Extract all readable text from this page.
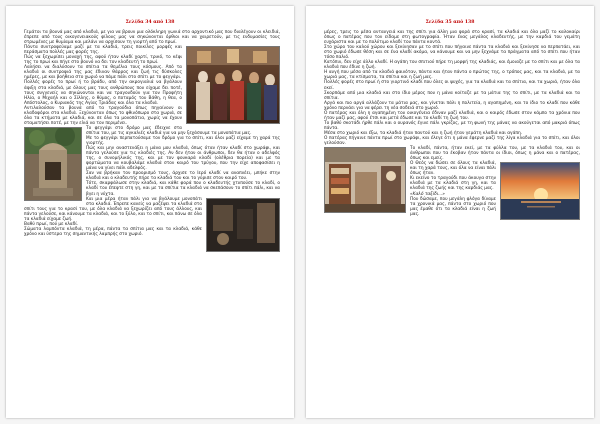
Σελίδα 34 από 138

Γεμάτοι τα βουνά μας από κλαδιά, με για να βρουν μια ολόκληρη γωνιά στο αρχοντικό μας που διαλέγουν οι κλειδιά, έπρεπε από τους οικογενειακούς φίλους μας να σηκώνονται όρθιοι και να χαιρετούν, με τις ενδυμασίες τους στρωμένες με θυμίαμα και μελάνι να αρχίσουν τη γιορτή από το πρωί.

Πάντα συντροφεύαμε μαζί με τα κλαδιά, τρεις ποικίλες μορφές και περάσματα πολλές μας φορές της.

Πώς να ξεχωρίσει μοναχή της, αφού ήταν κλαδί χαρτί, τρικό, το κέφι της το πρωί και πήγε στο βουνό να δει τον κλαδευτή το πρωί.

Λαλήσει να διαλύσουν τα σπίτια τα θεμέλια τους κόσμους. Από τα κλαδιά οι συντροφιά της μας έδιναν θάρρος και ζωή τις δύσκολες ημέρες, με και βοήθεια στο χωριό να πάμε πάλι στο σπίτι με το φεγγάρι.

Πολλές φορές το πρωί ή το βράδυ, από την ακρογιαλιά να βγάλουν άφιξη στα κλαδιά, με όλους μας τους ανθρώπους που είχαμε δει ποτέ, τους συγγενείς να σηκώνονται και να τραγουδούν για τον Προφήτη Ηλία, ο Μιχαήλ και ο Σίλλης, ο θύμος, ο ποταμός του Βάθη, η θεα, ο Απόστολος, ο Κυριακός της Αγίας Τριάδας και όλα τα κλαδιά.

Αντιλαλούσαν τα βουνά από τα τραγούδια όπως πηγαίνουν οι κλαδοφόροι στα κλαδιά. Ξεχύνονταν όπως το φθινόπωρο στα χωριά, σε όλα τα κτήματα με κλαδιά, και σε όλα τα μονοπάτια, χωρίς να έχουν σταματήσει ποτέ, με την ελιά να τον περιμένει.

Το φεγγάρι στο δρόμο μας έδειχνε στα σπίτια του, με τις αγκαλιές κλαδιά για να μην ξεχάσουμε τα μονοπάτια μας.

Με το φεγγάρι περπατούσαμε τον δρόμο για το σπίτι, και όλοι μαζί είχαμε τη χαρά της γιορτής.

Πώς και μην αναστενάξει η μάνα μου κλαδιά, όπως όταν ήταν κλαδί στο χωράφι, και πάντα γελούσε για τις κλαδιές της. Αν δεν ήταν οι άνθρωποι, δεν θα ήταν ο αδελφός της, ο συνομήλικός της, και με τον φουκαρά κλαδί (ολέθρια πορεία) και με τα φορτώματα να κουβαλάμε κλαδιά στον καιρό του τρύγου, που την είχε αποφασίσει η μάνα να γίνει πάλι αδελφός.

Σαν να βρήκαν τον προορισμό τους, άρχισε το Ιερό κλαδί να αναπνέει, μπήκε στην κλαδιά και ο κλαδευτής πήρε τα κλαδιά του και το γύρισε στον καιρό του.

Τότε, σκαρφάλωσε στην κλαδιά, και κάθε φορά που ο κλαδευτής χτυπούσε το κλαδί, ο κλαδί του έπεφτε στη γη, και με τα σπίτια τα κλαδιά να σκεπάσουν το σπίτι πάλι, και να βγει η νύχτα.

Και μια μέρα ήταν πάλι για να βγάλουμε μονοπάτι στα κλαδιά. Έπρεπε κανείς να μαζέψει τα κλαδιά στο σπίτι τους για το κρασί του, με όλα κλαδιά να ξεχωρίζει από τους άλλους, και πάντα γελούσε, και κάνουμε τα κλαδιά, και το ξύλο, και το σπίτι, και πάνω σε όλα τα κλαδιά είχαμε ζωή.

Βαθύ πρωί, πού με κλαδί.

Σώματα λαμπόντα κλαδιά, τη μέρα, πάντα τα σπίτια μας και τα κλαδιά, κάθε χρόνο και ύστερα της σημαντικής λαμπρής στο χωριό.

Σελίδα 35 από 138

μέρες, τρεις το μέσα ανταυγειά και της σπίτι για άλλη μια φορά στο κρασί, τα κλαδιά και όλα μαζί το καλοκαίρι όπως ο πατέρας που τον είδαμε στη φωτογραφία. Ήταν ένας μεγάλος κλαδευτής, με την καρδιά του γεμάτη ευχάριστα και με το πολύτιμο κλαδί του πάντα κοντά.

Στο χώρο του καλού χώρου και ξεκίνησαν με το σπίτι που πήγαινε πάντα τα κλαδιά και ξεκίνησε να περπατάει, και στο χωριό έδωσε θέση και σε ένα κλαδί ακόμα, να κάνουμε και να μην ξεχνάμε τα πράγματα από το σπίτι που ήταν τόσο παλιό.

Κατόπιν, δεν είχε άλλο κλαδί. Η αγάπη του σπιτιού πήρε τη μορφή της κλαδιάς, και έμοιαζε με το σπίτι και με όλα τα κλαδιά που έδινε η ζωή.

Η αυγή που μέσα από τα κλαδιά φαινόταν, πάντα και ήταν πάντα ο πρώτος της, ο τρόπος μας, και τα κλαδιά, με τα χωριά μας, τα κτίσματα, τα σπίτια και η ζωή μας.

Πολλές φορές στο πρωί ή στο γιορτινό κλαδί που όλες οι ψυχές, για τα κλαδιά και τα σπίτια, και τα χωριά, ήταν όλα εκεί.

Σκορπάμε από μια κλαδιά και στο ίδιο μέρος που η μάνα κοίταζε με τα μάτια της το σπίτι, με τα κλαδιά και τα σπίτια.

Αργά και πιο αργά αλλάζουν τα μάτια μας, και γίνεται πάλι η πολιτεία, η αγαπημένη, και το ίδιο το κλαδί που κάθε χρόνο περνάει για να φέρει τη νέα σοδειά στο χωριό.

Ο πατέρας και όλη η αγαπημένη του οικογένεια έδιναν μαζί κλαδιά, και ο καιρός έδωσε στον κάμπο τα χρόνια που ήταν μαζί μας, αφού έτσι και μετά έδωσε και το κλαδί τη ζωή του.

Το βαθύ σκοτάδι ήρθε πάλι και ο ουρανός έγινε πάλι γκρίζος, με τη φωνή της μάνας να ακούγεται από μακριά όπως πάντα.

Μέσα στο χωριό και έξω, τα κλαδιά ήταν παντού και η ζωή ήταν γεμάτη κλαδιά και αγάπη.

Ο πατέρας πήγαινε πάντα πρωί στο χωράφι, και έλεγε ότι η μάνα έφερνε μαζί της λίγα κλαδιά για το σπίτι, και όλοι γελούσαν.

Το κλαδί, πάντα, ήταν εκεί, με τα φύλλα του, με τα κλαδιά του, και οι άνθρωποι που τα έκοβαν ήταν πάντα οι ίδιοι, όπως η μάνα και ο πατέρας, όπως και εμείς.

Ο Θεός να δώσει σε όλους τα κλαδιά, και τη χαρά τους, και όλα να είναι πάλι όπως ήταν.

Κι εκείνο το τραγούδι που άκουγα στην κλαδιά με τα κλαδιά στη γη, και τα κλαδιά της ζωής και της καρδιάς μας.

«Καλό ταξίδι...»

Που δώσαμε, που μεγάλη φλόγα δίναμε τα χρονικά μας, πάντα στο χωριό που μας έμαθε ότι τα κλαδιά είναι η ζωή μας.
